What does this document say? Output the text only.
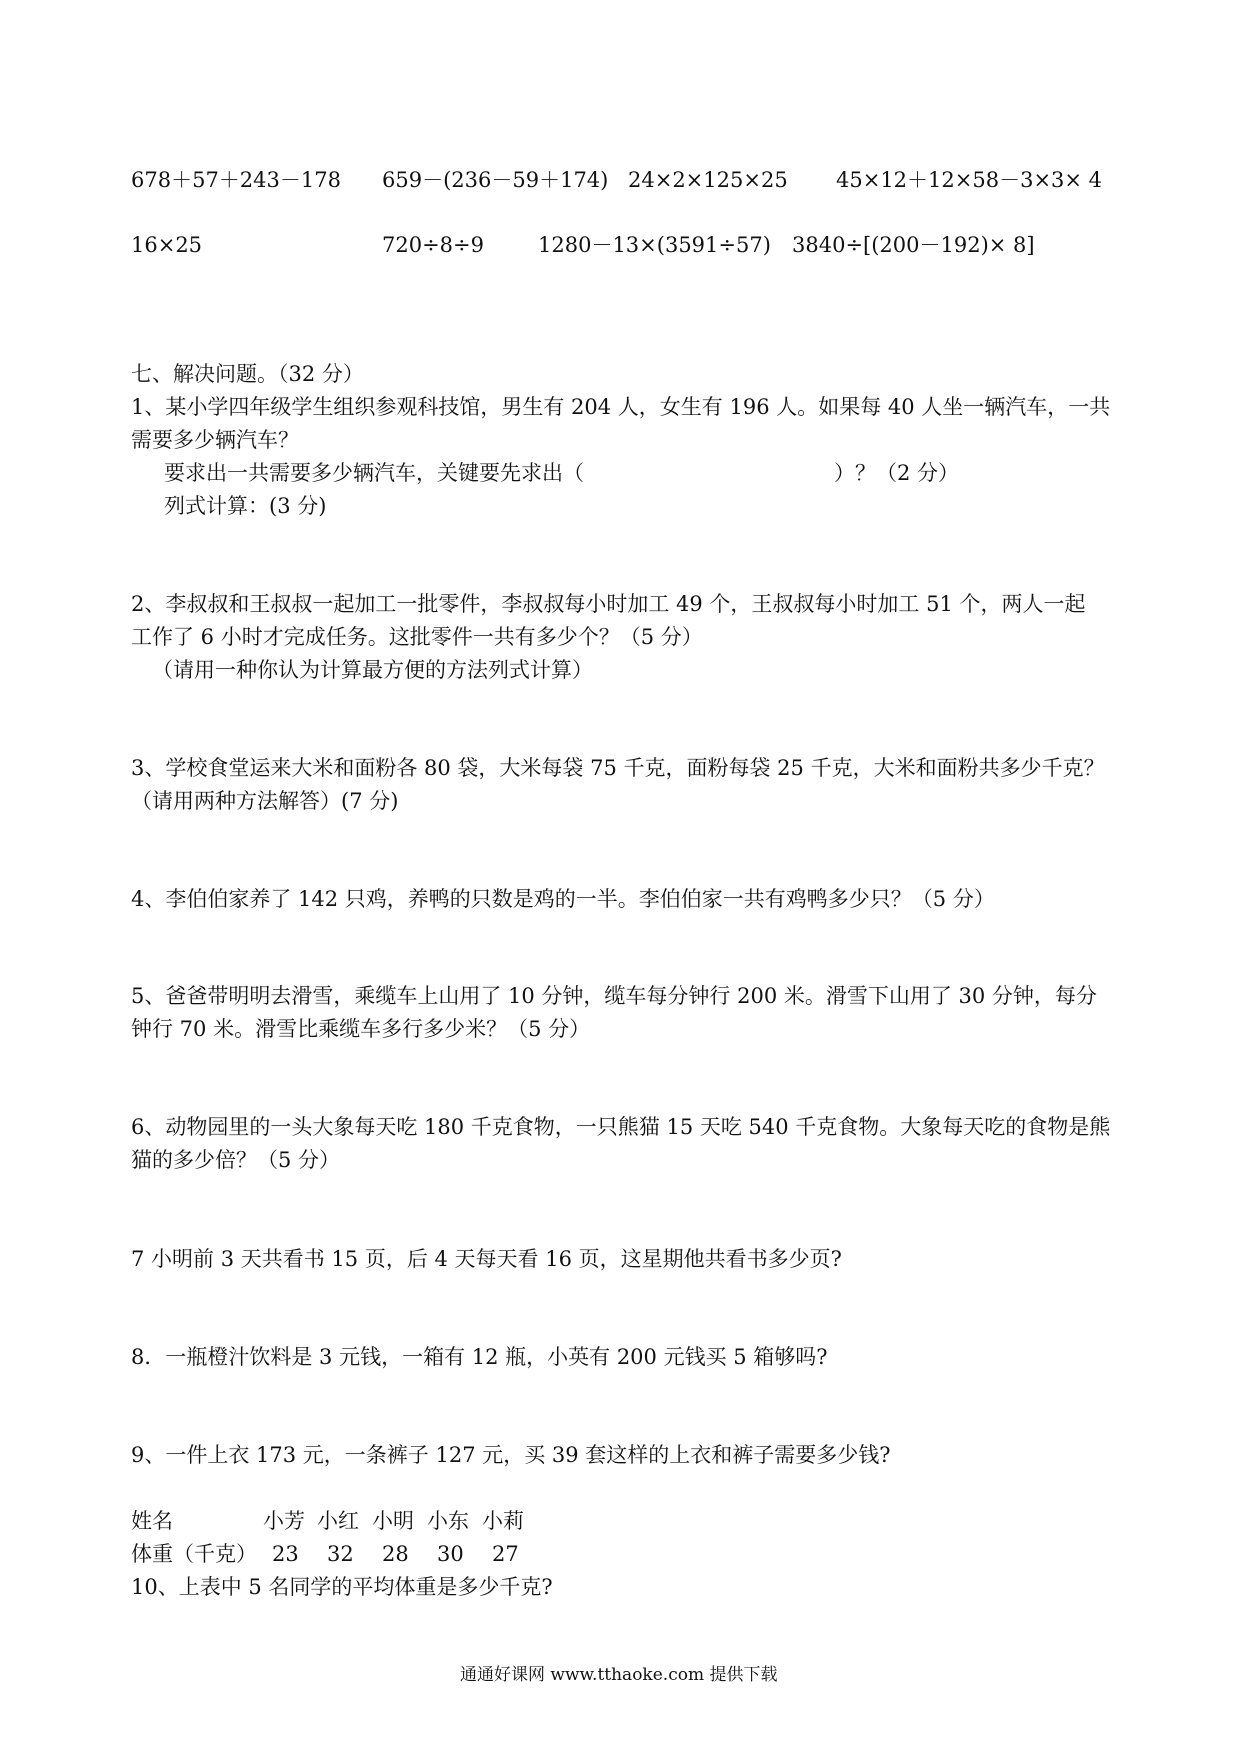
678＋57＋243－178 659－(236－59＋174) 24×2×125×25 45×12＋12×58－3×3× 4
16×25	720÷8÷9	1280－13×(3591÷57) 3840÷[(200－192)× 8]
七、解决问题。（32 分）
1、某小学四年级学生组织参观科技馆，男生有 204 人，女生有 196 人。如果每 40 人坐一辆汽车，一共
需要多少辆汽车？
要求出一共需要多少辆汽车，关键要先求出（	）？（2 分）
列式计算：(3 分)
2、李叔叔和王叔叔一起加工一批零件，李叔叔每小时加工 49 个，王叔叔每小时加工 51 个，两人一起
工作了 6 小时才完成任务。这批零件一共有多少个？（5 分）
（请用一种你认为计算最方便的方法列式计算）
3、学校食堂运来大米和面粉各 80 袋，大米每袋 75 千克，面粉每袋 25 千克，大米和面粉共多少千克？
（请用两种方法解答）(7 分)
4、李伯伯家养了 142 只鸡，养鸭的只数是鸡的一半。李伯伯家一共有鸡鸭多少只？（5 分）
5、爸爸带明明去滑雪，乘缆车上山用了 10 分钟，缆车每分钟行 200 米。滑雪下山用了 30 分钟，每分
钟行 70 米。滑雪比乘缆车多行多少米？（5 分）
6、动物园里的一头大象每天吃 180 千克食物，一只熊猫 15 天吃 540 千克食物。大象每天吃的食物是熊
猫的多少倍？（5 分）
7 小明前 3 天共看书 15 页，后 4 天每天看 16 页，这星期他共看书多少页?
8．一瓶橙汁饮料是 3 元钱，一箱有 12 瓶，小英有 200 元钱买 5 箱够吗?
9、一件上衣 173 元，一条裤子 127 元，买 39 套这样的上衣和裤子需要多少钱?
姓名	小芳 小红 小明 小东 小莉
体重（千克） 23 32 28 30 27
10、上表中 5 名同学的平均体重是多少千克?
通通好课网 www.tthaoke.com 提供下载
